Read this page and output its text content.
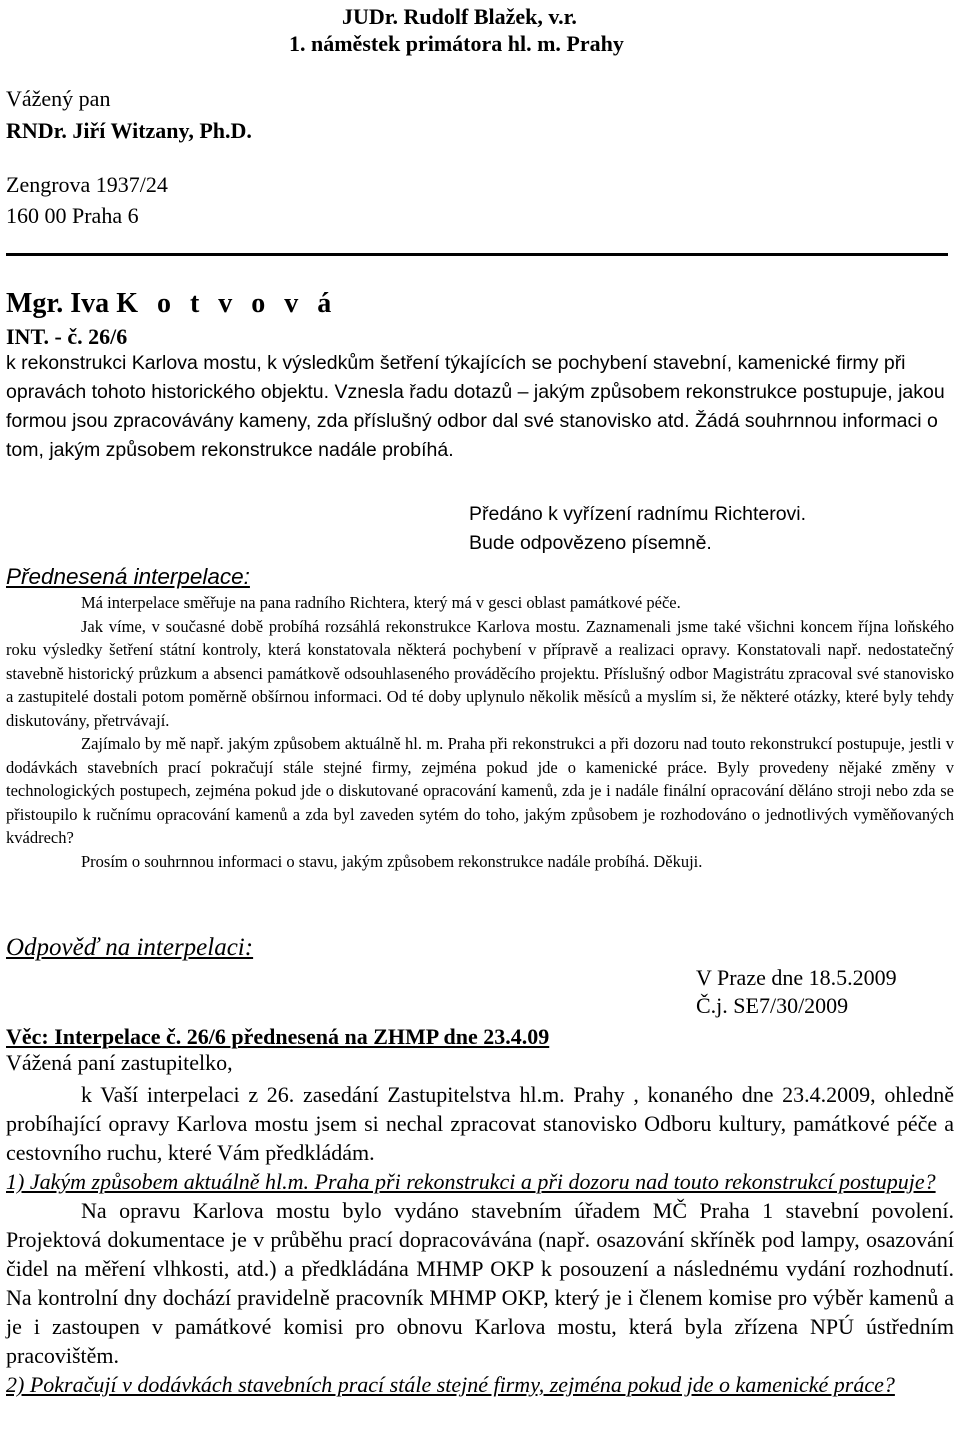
JUDr. Rudolf Blažek, v.r.
1. náměstek primátora hl. m. Prahy
Vážený pan
RNDr. Jiří Witzany, Ph.D.
Zengrova 1937/24
160 00 Praha 6
Mgr. Iva K o t v o v á
INT. - č. 26/6
k rekonstrukci Karlova mostu, k výsledkům šetření týkajících se pochybení stavební, kamenické firmy při opravách tohoto historického objektu. Vznesla řadu dotazů – jakým způsobem rekonstrukce postupuje, jakou formou jsou zpracovávány kameny, zda příslušný odbor dal své stanovisko atd. Žádá souhrnnou informaci o tom, jakým způsobem rekonstrukce nadále probíhá.
Předáno k vyřízení radnímu Richterovi.
Bude odpovězeno písemně.
Přednesená interpelace:
Má interpelace směřuje na pana radního Richtera, který má v gesci oblast památkové péče.
Jak víme, v současné době probíhá rozsáhlá rekonstrukce Karlova mostu. Zaznamenali jsme také všichni koncem října loňského roku výsledky šetření státní kontroly, která konstatovala některá pochybení v přípravě a realizaci opravy. Konstatovali např. nedostatečný stavebně historický průzkum a absenci památkově odsouhlaseného prováděcího projektu. Příslušný odbor Magistrátu zpracoval své stanovisko a zastupitelé dostali potom poměrně obšírnou informaci. Od té doby uplynulo několik měsíců a myslím si, že některé otázky, které byly tehdy diskutovány, přetrvávají.
Zajímalo by mě např. jakým způsobem aktuálně hl. m. Praha při rekonstrukci a při dozoru nad touto rekonstrukcí postupuje, jestli v dodávkách stavebních prací pokračují stále stejné firmy, zejména pokud jde o kamenické práce. Byly provedeny nějaké změny v technologických postupech, zejména pokud jde o diskutované opracování kamenů, zda je i nadále finální opracování děláno stroji nebo zda se přistoupilo k ručnímu opracování kamenů a zda byl zaveden sytém do toho, jakým způsobem je rozhodováno o jednotlivých vyměňovaných kvádrech?
Prosím o souhrnnou informaci o stavu, jakým způsobem rekonstrukce nadále probíhá. Děkuji.
Odpověď na interpelaci:
V Praze dne 18.5.2009
Č.j. SE7/30/2009
Věc: Interpelace č. 26/6 přednesená na ZHMP dne 23.4.09
Vážená paní zastupitelko,
k Vaší interpelaci z 26. zasedání Zastupitelstva hl.m. Prahy , konaného dne 23.4.2009, ohledně probíhající opravy Karlova mostu jsem si nechal zpracovat stanovisko Odboru kultury, památkové péče a cestovního ruchu, které Vám předkládám.
1) Jakým způsobem aktuálně hl.m. Praha při rekonstrukci a při dozoru nad touto rekonstrukcí postupuje?
Na opravu Karlova mostu bylo vydáno stavebním úřadem MČ Praha 1 stavební povolení. Projektová dokumentace je v průběhu prací dopracovávána (např. osazování skříněk pod lampy, osazování čidel na měření vlhkosti, atd.) a předkládána MHMP OKP k posouzení a následnému vydání rozhodnutí. Na kontrolní dny dochází pravidelně pracovník MHMP OKP, který je i členem komise pro výběr kamenů a je i zastoupen v památkové komisi pro obnovu Karlova mostu, která byla zřízena NPÚ ústředním pracovištěm.
2) Pokračují v dodávkách stavebních prací stále stejné firmy, zejména pokud jde o kamenické práce?
